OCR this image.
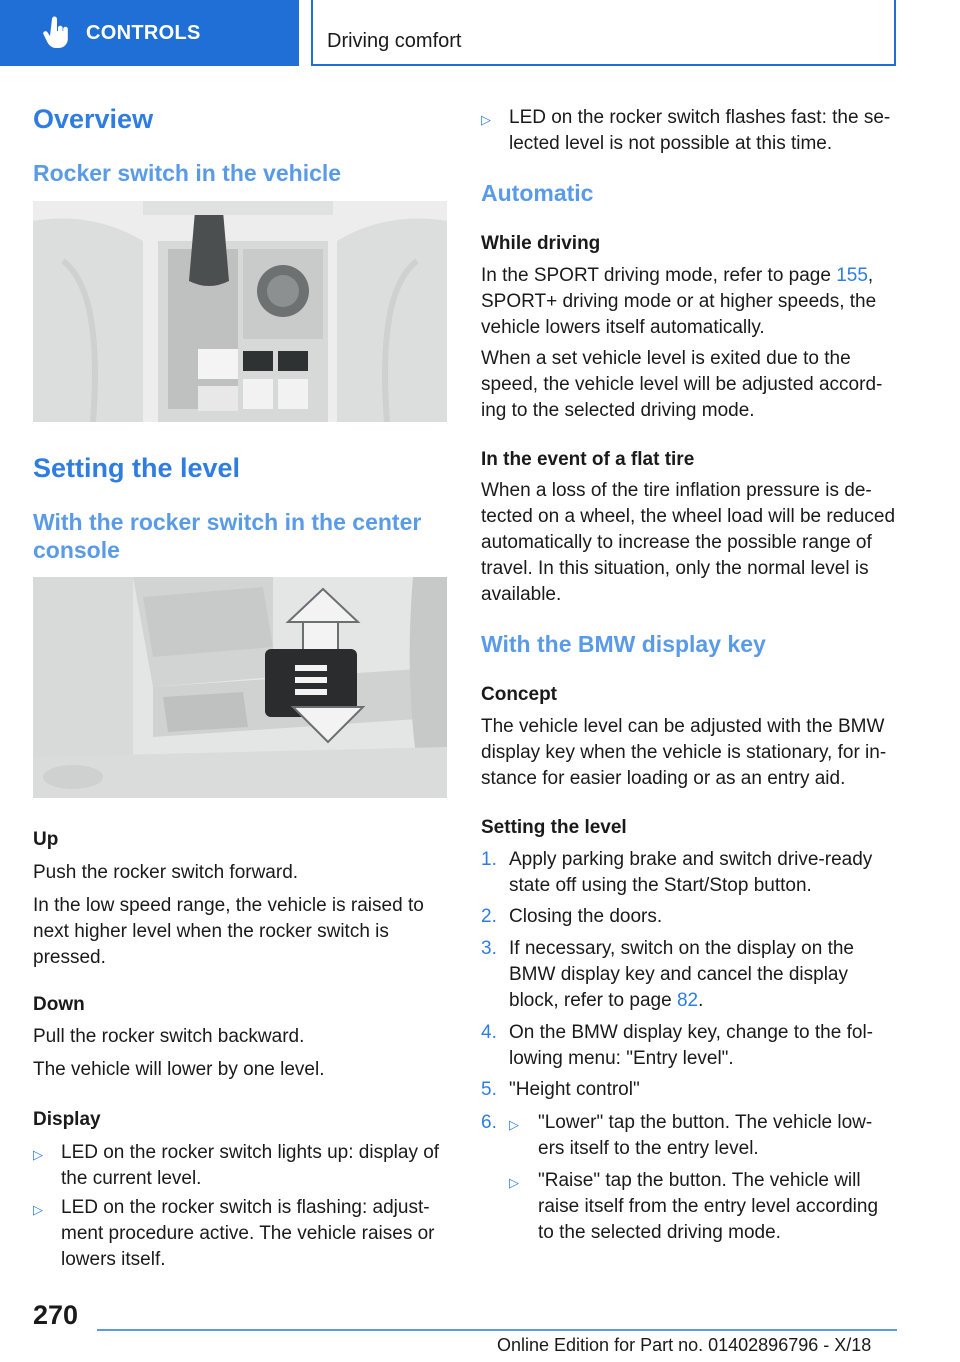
CONTROLS	Driving comfort
Overview
Rocker switch in the vehicle
Setting the level
With the rocker switch in the center
console
Up

Push the rocker switch forward.

In the low speed range, the vehicle is raised to
next higher level when the rocker switch is
pressed.

Down

Pull the rocker switch backward.

The vehicle will lower by one level.

Display
▷ LED on the rocker switch lights up: display of
the current level.
▷ LED on the rocker switch is flashing: adjust-
ment procedure active. The vehicle raises or
lowers itself.
▷ LED on the rocker switch flashes fast: the se-
lected level is not possible at this time.
Automatic
While driving

In the SPORT driving mode, refer to page 155,
SPORT+ driving mode or at higher speeds, the
vehicle lowers itself automatically.

When a set vehicle level is exited due to the
speed, the vehicle level will be adjusted accord-
ing to the selected driving mode.

In the event of a flat tire

When a loss of the tire inflation pressure is de-
tected on a wheel, the wheel load will be reduced
automatically to increase the possible range of
travel. In this situation, only the normal level is
available.

With the BMW display key
Concept

The vehicle level can be adjusted with the BMW
display key when the vehicle is stationary, for in-
stance for easier loading or as an entry aid.

Setting the level
1. Apply parking brake and switch drive-ready
state off using the Start/Stop button.
2. Closing the doors.
3. If necessary, switch on the display on the
BMW display key and cancel the display
block, refer to page 82.
4. On the BMW display key, change to the fol-
lowing menu: "Entry level".
5. "Height control"
6. ▷	"Lower" tap the button. The vehicle low-
ers itself to the entry level.
▷	"Raise" tap the button. The vehicle will
raise itself from the entry level according
to the selected driving mode.
270
Online Edition for Part no. 01402896796 - X/18
